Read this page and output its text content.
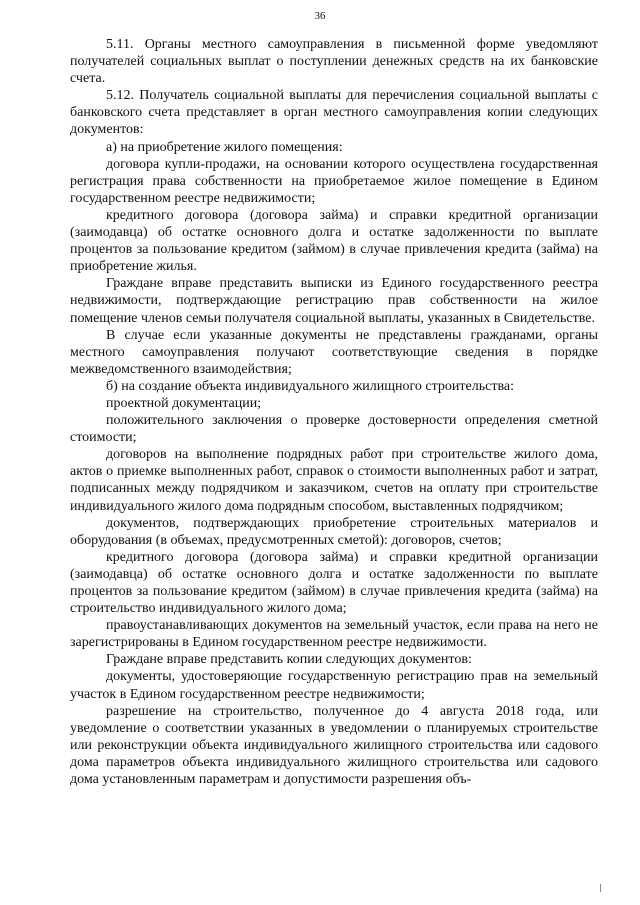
36

5.11. Органы местного самоуправления в письменной форме уведомляют получателей социальных выплат о поступлении денежных средств на их банковские счета.

5.12. Получатель социальной выплаты для перечисления социальной выплаты с банковского счета представляет в орган местного самоуправления копии следующих документов:

а) на приобретение жилого помещения:

договора купли-продажи, на основании которого осуществлена государственная регистрация права собственности на приобретаемое жилое помещение в Едином государственном реестре недвижимости;

кредитного договора (договора займа) и справки кредитной организации (заимодавца) об остатке основного долга и остатке задолженности по выплате процентов за пользование кредитом (займом) в случае привлечения кредита (займа) на приобретение жилья.

Граждане вправе представить выписки из Единого государственного реестра недвижимости, подтверждающие регистрацию прав собственности на жилое помещение членов семьи получателя социальной выплаты, указанных в Свидетельстве.

В случае если указанные документы не представлены гражданами, органы местного самоуправления получают соответствующие сведения в порядке межведомственного взаимодействия;

б) на создание объекта индивидуального жилищного строительства:

проектной документации;

положительного заключения о проверке достоверности определения сметной стоимости;

договоров на выполнение подрядных работ при строительстве жилого дома, актов о приемке выполненных работ, справок о стоимости выполненных работ и затрат, подписанных между подрядчиком и заказчиком, счетов на оплату при строительстве индивидуального жилого дома подрядным способом, выставленных подрядчиком;

документов, подтверждающих приобретение строительных материалов и оборудования (в объемах, предусмотренных сметой): договоров, счетов;

кредитного договора (договора займа) и справки кредитной организации (заимодавца) об остатке основного долга и остатке задолженности по выплате процентов за пользование кредитом (займом) в случае привлечения кредита (займа) на строительство индивидуального жилого дома;

правоустанавливающих документов на земельный участок, если права на него не зарегистрированы в Едином государственном реестре недвижимости.

Граждане вправе представить копии следующих документов:

документы, удостоверяющие государственную регистрацию прав на земельный участок в Едином государственном реестре недвижимости;

разрешение на строительство, полученное до 4 августа 2018 года, или уведомление о соответствии указанных в уведомлении о планируемых строительстве или реконструкции объекта индивидуального жилищного строительства или садового дома параметров объекта индивидуального жилищного строительства или садового дома установленным параметрам и допустимости разрешения объ-
